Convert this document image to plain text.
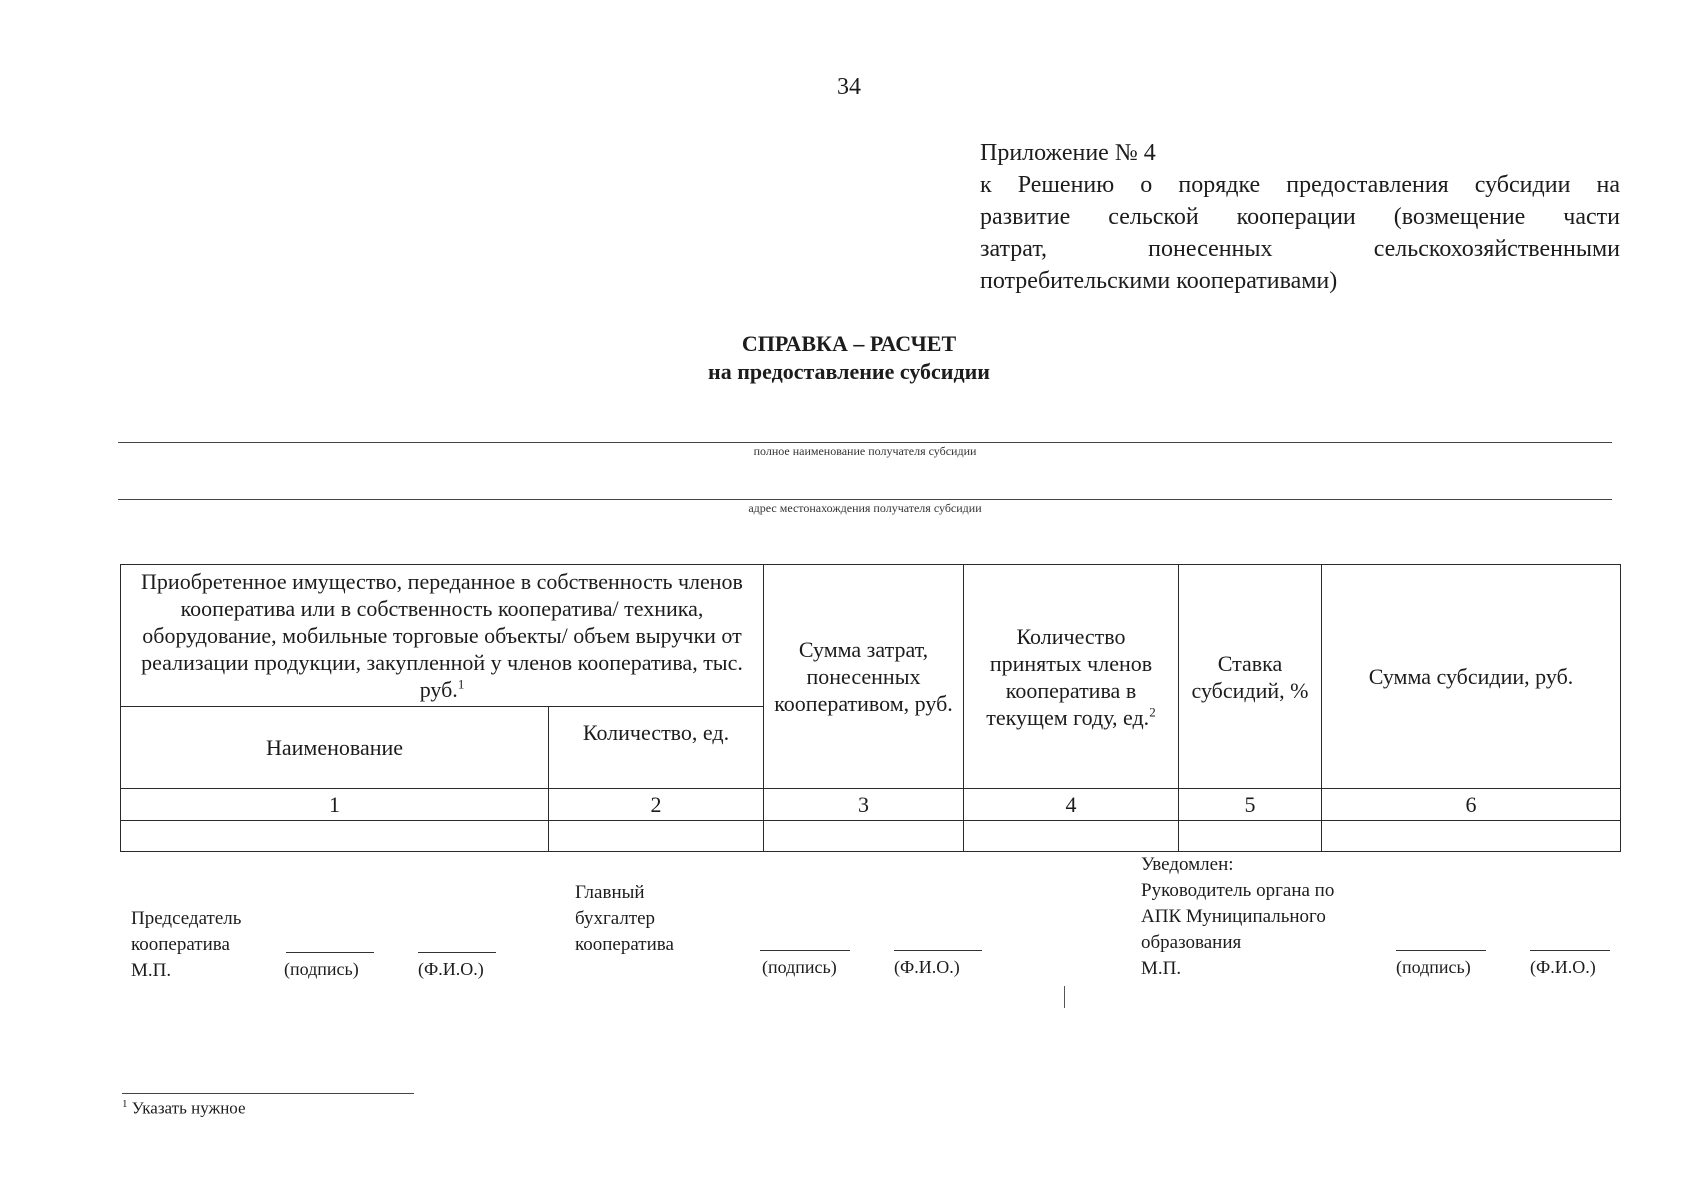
34
Приложение № 4
к Решению о порядке предоставления субсидии на
развитие сельской кооперации (возмещение части
затрат, понесенных сельскохозяйственными
потребительскими кооперативами)
СПРАВКА – РАСЧЕТ
на предоставление субсидии
полное наименование получателя субсидии
адрес местонахождения получателя субсидии
Приобретенное имущество, переданное в собственность членов кооператива или в собственность кооператива/ техника, оборудование, мобильные торговые объекты/ объем выручки от реализации продукции, закупленной у членов кооператива, тыс. руб.$^1$		Сумма затрат, понесенных кооперативом, руб.	Количество принятых членов кооператива в текущем году, ед.$^2$	Ставка субсидий, %	Сумма субсидии, руб.
Наименование	Количество, ед.				
1	2	3	4	5	6

Председатель
кооператива
М.П.	(подпись)	(Ф.И.О.)
Главный
бухгалтер
кооператива
(подпись)	(Ф.И.О.)
Уведомлен:
Руководитель органа по
АПК Муниципального
образования
М.П.	(подпись)	(Ф.И.О.)
$^1$ Указать нужное
